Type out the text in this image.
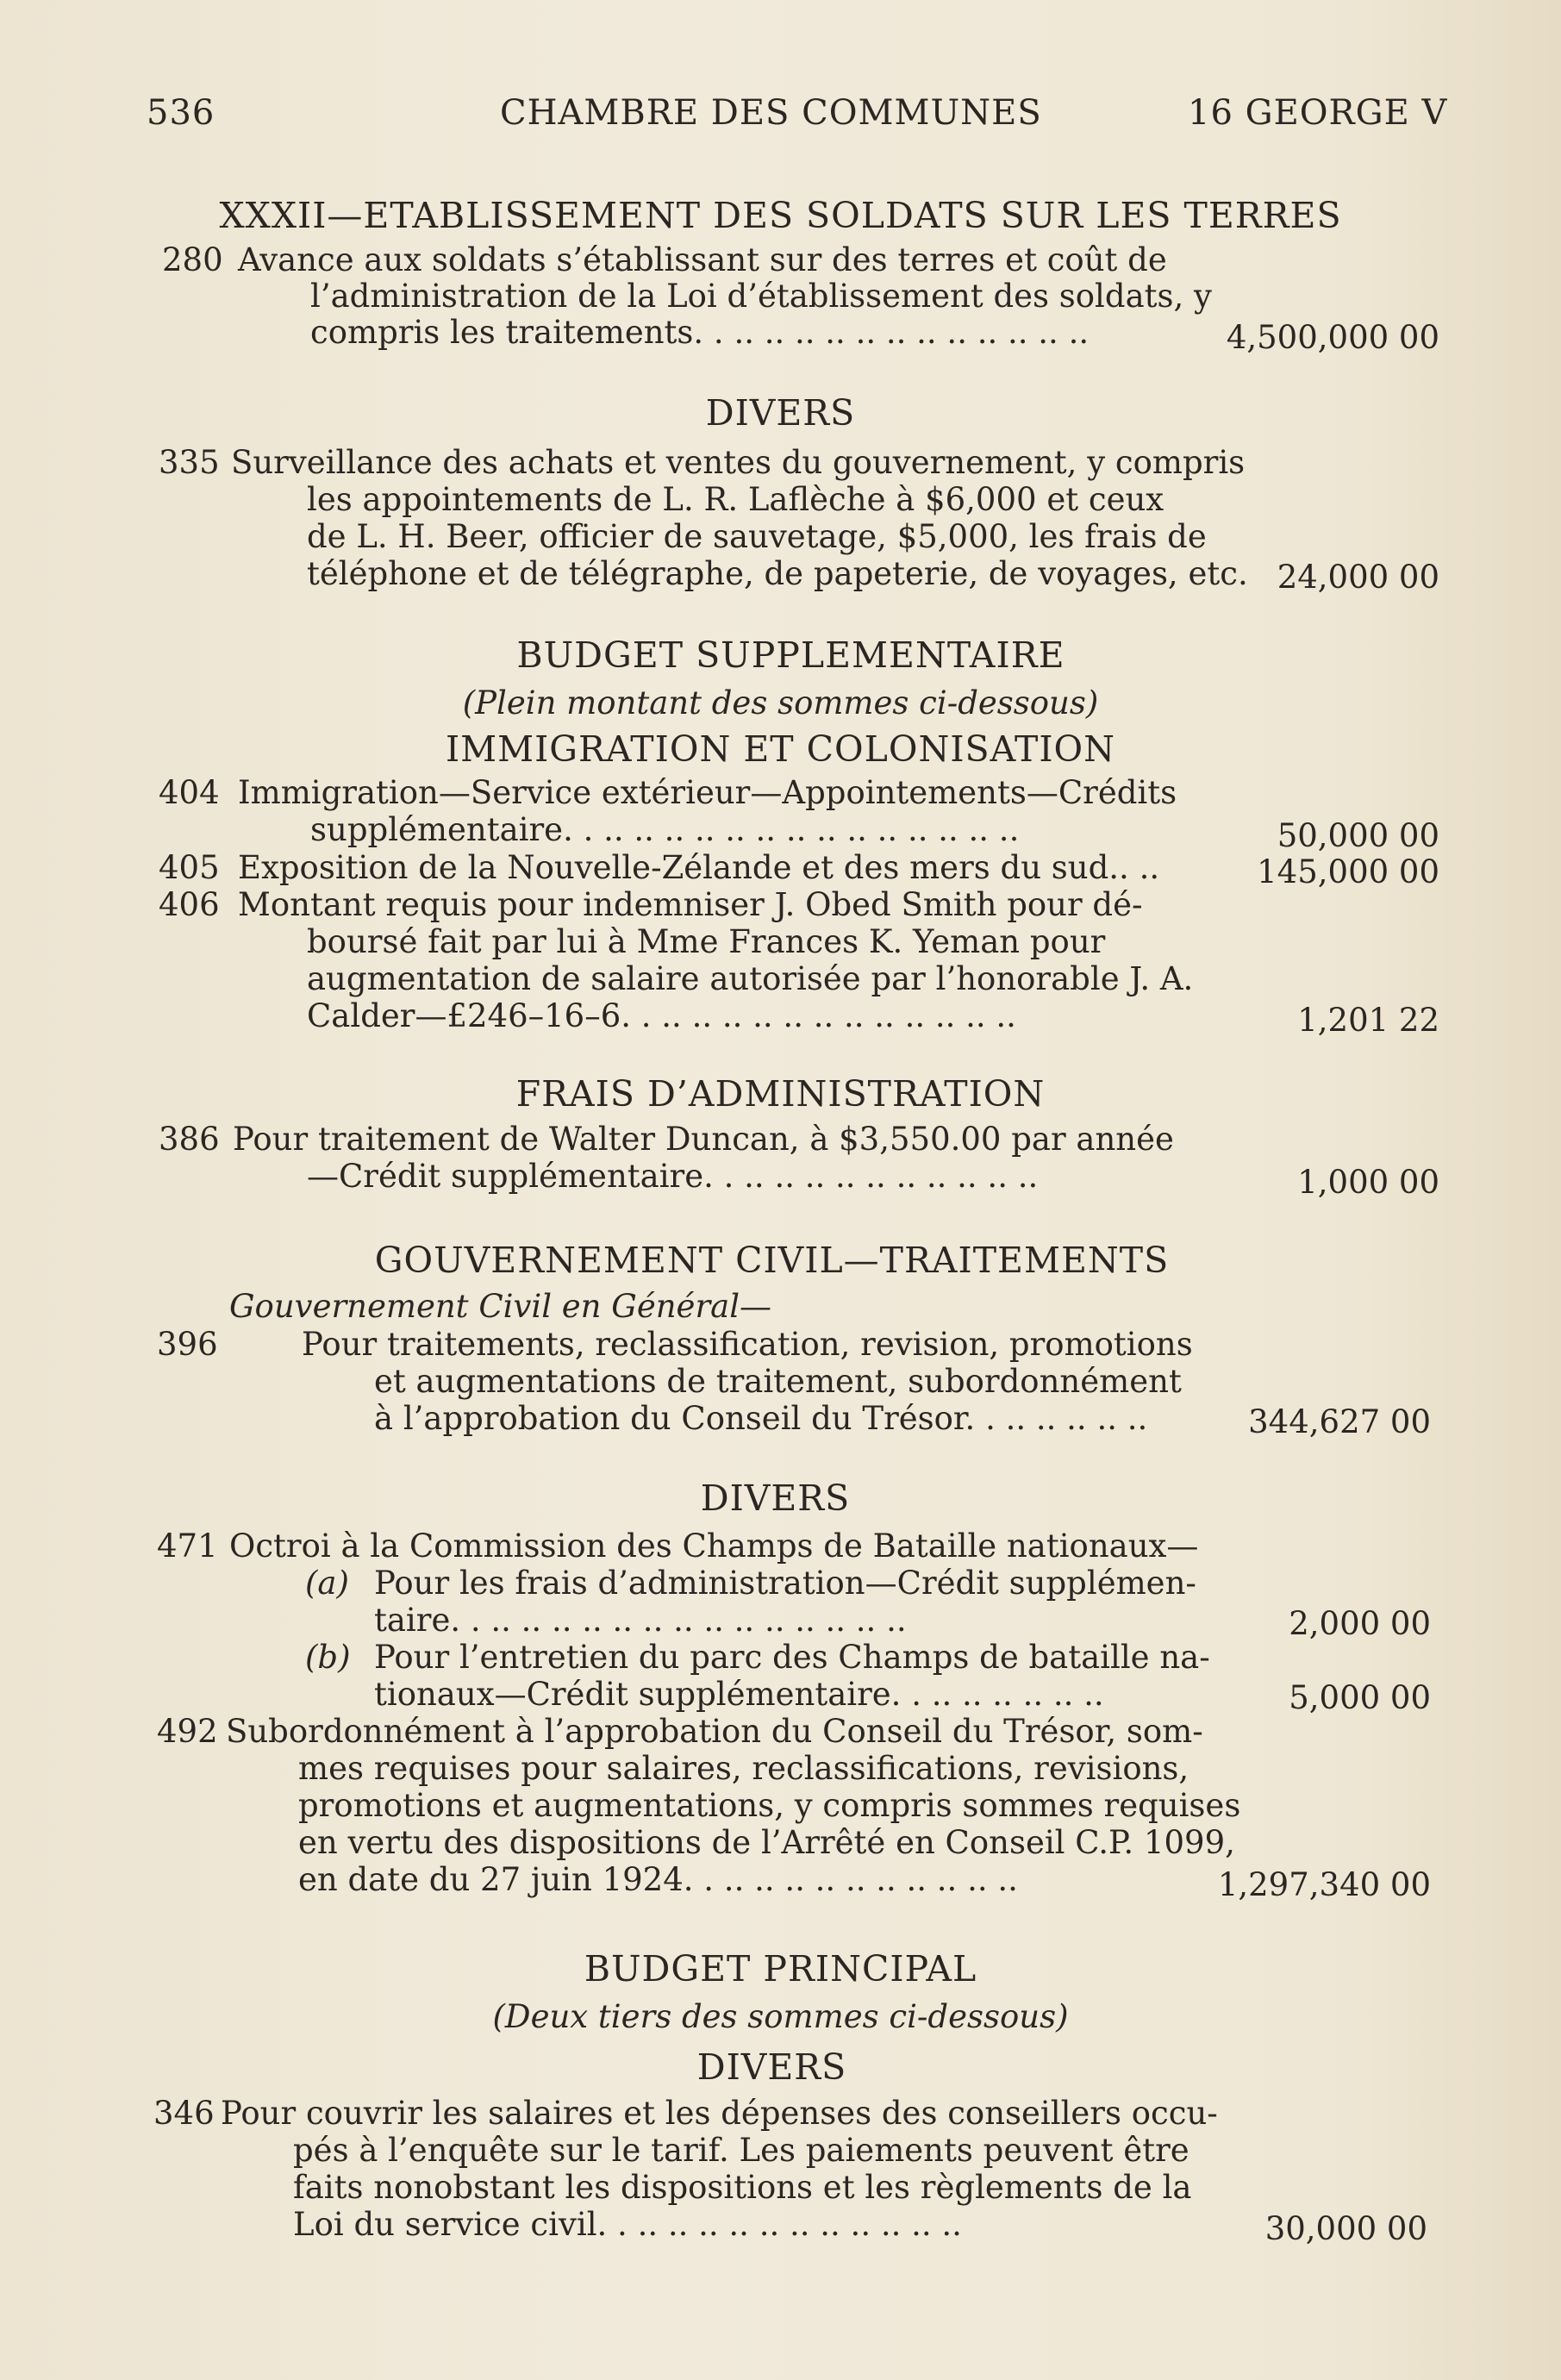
536	CHAMBRE DES COMMUNES	16 GEORGE V
XXXII—ETABLISSEMENT DES SOLDATS SUR LES TERRES
280 Avance aux soldats s’établissant sur des terres et coût de
l’administration de la Loi d’établissement des soldats, y
compris les traitements. . .. .. .. .. .. .. .. .. .. .. .. ..	4,500,000 00
DIVERS
335 Surveillance des achats et ventes du gouvernement, y compris
les appointements de L. R. Laflèche à $6,000 et ceux
de L. H. Beer, officier de sauvetage, $5,000, les frais de
téléphone et de télégraphe, de papeterie, de voyages, etc. 24,000 00
BUDGET SUPPLEMENTAIRE
(Plein montant des sommes ci-dessous)
IMMIGRATION ET COLONISATION
404 Immigration—Service extérieur—Appointements—Crédits
supplémentaire. . .. .. .. .. .. .. .. .. .. .. .. .. .. ..	50,000 00
405 Exposition de la Nouvelle-Zélande et des mers du sud.. ..	145,000 00
406 Montant requis pour indemniser J. Obed Smith pour dé-
boursé fait par lui à Mme Frances K. Yeman pour
augmentation de salaire autorisée par l’honorable J. A.
Calder—£246–16–6. . .. .. .. .. .. .. .. .. .. .. .. ..	1,201 22
FRAIS D’ADMINISTRATION
386 Pour traitement de Walter Duncan, à $3,550.00 par année
—Crédit supplémentaire. . .. .. .. .. .. .. .. .. .. ..	1,000 00
GOUVERNEMENT CIVIL—TRAITEMENTS
Gouvernement Civil en Général—
396	Pour traitements, reclassification, revision, promotions
et augmentations de traitement, subordonnément
à l’approbation du Conseil du Trésor. . .. .. .. .. ..	344,627 00
DIVERS
471 Octroi à la Commission des Champs de Bataille nationaux—
(a) Pour les frais d’administration—Crédit supplémen-
taire. . .. .. .. .. .. .. .. .. .. .. .. .. .. ..	2,000 00
(b) Pour l’entretien du parc des Champs de bataille na-
tionaux—Crédit supplémentaire. . .. .. .. .. .. ..	5,000 00
492 Subordonnément à l’approbation du Conseil du Trésor, som-
mes requises pour salaires, reclassifications, revisions,
promotions et augmentations, y compris sommes requises
en vertu des dispositions de l’Arrêté en Conseil C.P. 1099,
en date du 27 juin 1924. . .. .. .. .. .. .. .. .. .. ..	1,297,340 00
BUDGET PRINCIPAL
(Deux tiers des sommes ci-dessous)
DIVERS
346 Pour couvrir les salaires et les dépenses des conseillers occu-
pés à l’enquête sur le tarif. Les paiements peuvent être
faits nonobstant les dispositions et les règlements de la
Loi du service civil. . .. .. .. .. .. .. .. .. .. .. ..	30,000 00
